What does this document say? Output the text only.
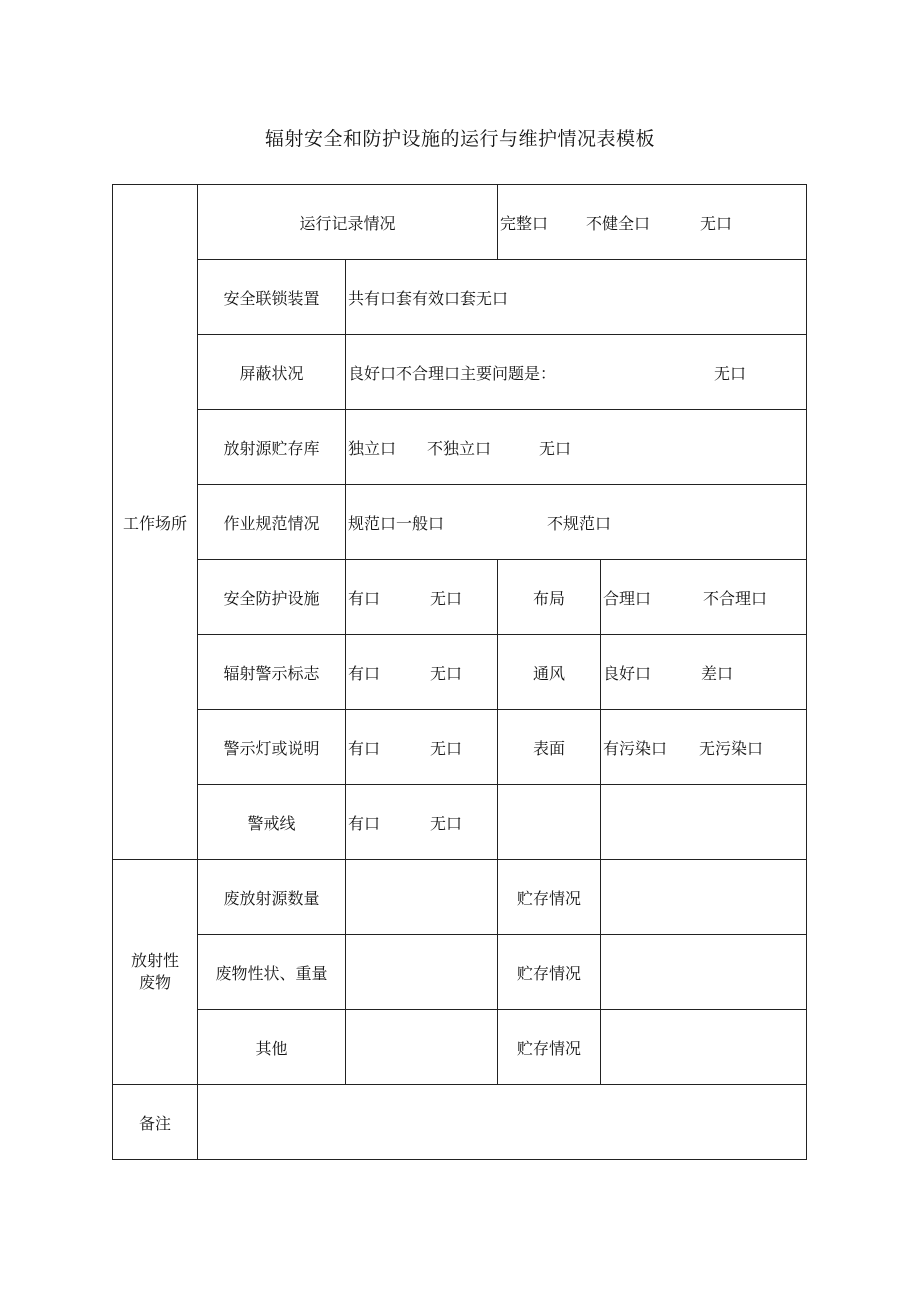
辐射安全和防护设施的运行与维护情况表模板
工作场所	运行记录情况		完整口 不健全口 无口	
	安全联锁装置	共有口套有效口套无口		
	屏蔽状况	良好口不合理口主要问题是： 无口		
	放射源贮存库	独立口 不独立口 无口		
	作业规范情况	规范口一般口 不规范口		
	安全防护设施	有口 无口	布局	合理口 不合理口
	辐射警示标志	有口 无口	通风	良好口 差口
	警示灯或说明	有口 无口	表面	有污染口 无污染口
	警戒线	有口 无口		
放射性废物	废放射源数量		贮存情况	
	废物性状、重量		贮存情况	
	其他		贮存情况	
备注				
